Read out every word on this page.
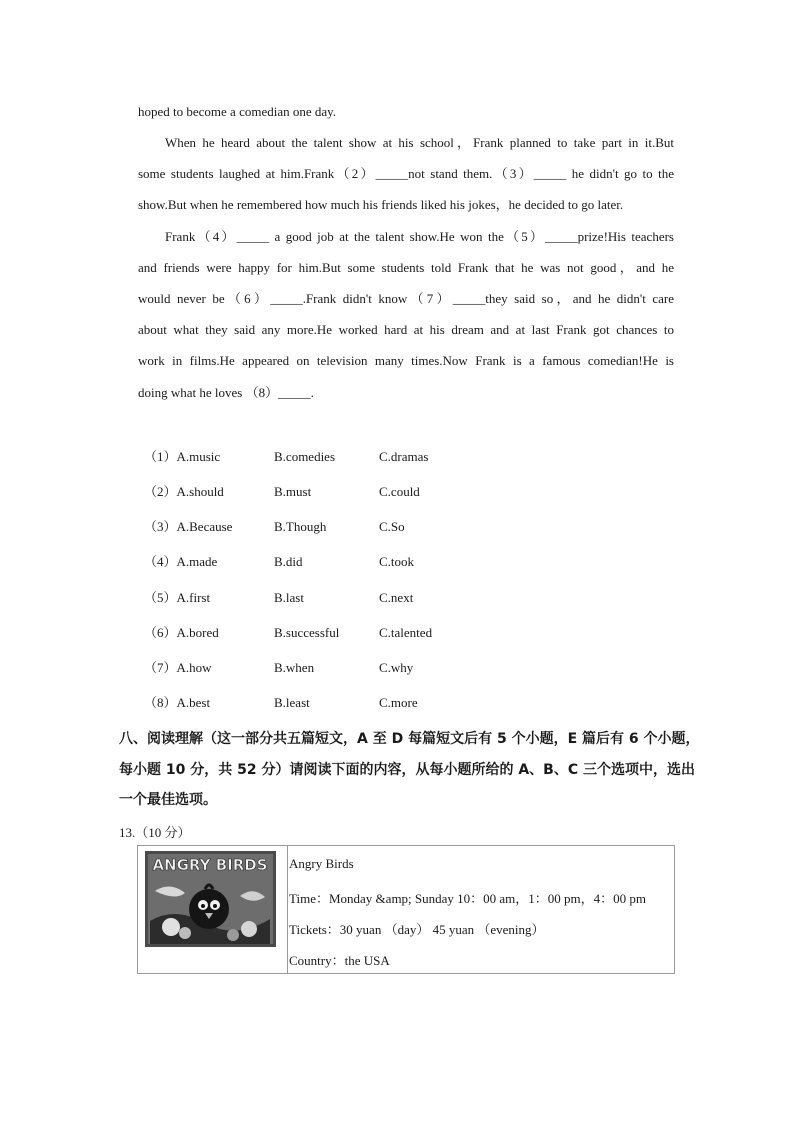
hoped to become a comedian one day.
When he heard about the talent show at his school，Frank planned to take part in it.But
some students laughed at him.Frank（2）_____not stand them.（3）_____ he didn't go to the
show.But when he remembered how much his friends liked his jokes，he decided to go later.
Frank（4）_____ a good job at the talent show.He won the（5）_____prize!His teachers
and friends were happy for him.But some students told Frank that he was not good，and he
would never be（6）_____.Frank didn't know（7）_____they said so，and he didn't care
about what they said any more.He worked hard at his dream and at last Frank got chances to
work in films.He appeared on television many times.Now Frank is a famous comedian!He is
doing what he loves （8）_____.
（1）A.music	B.comedies	C.dramas
（2）A.should	B.must	C.could
（3）A.Because	B.Though	C.So
（4）A.made	B.did	C.took
（5）A.first	B.last	C.next
（6）A.bored	B.successful	C.talented
（7）A.how	B.when	C.why
（8）A.best	B.least	C.more
八、阅读理解（这一部分共五篇短文，A 至 D 每篇短文后有 5 个小题，E 篇后有 6 个小题，
每小题 10 分，共 52 分）请阅读下面的内容，从每小题所给的 A、B、C 三个选项中，选出
一个最佳选项。
13.（10 分）
ANGRY BIRDS Angry Birds
Time：Monday &amp; Sunday 10：00 am，1：00 pm，4：00 pm
Tickets：30 yuan （day） 45 yuan （evening）
Country：the USA
